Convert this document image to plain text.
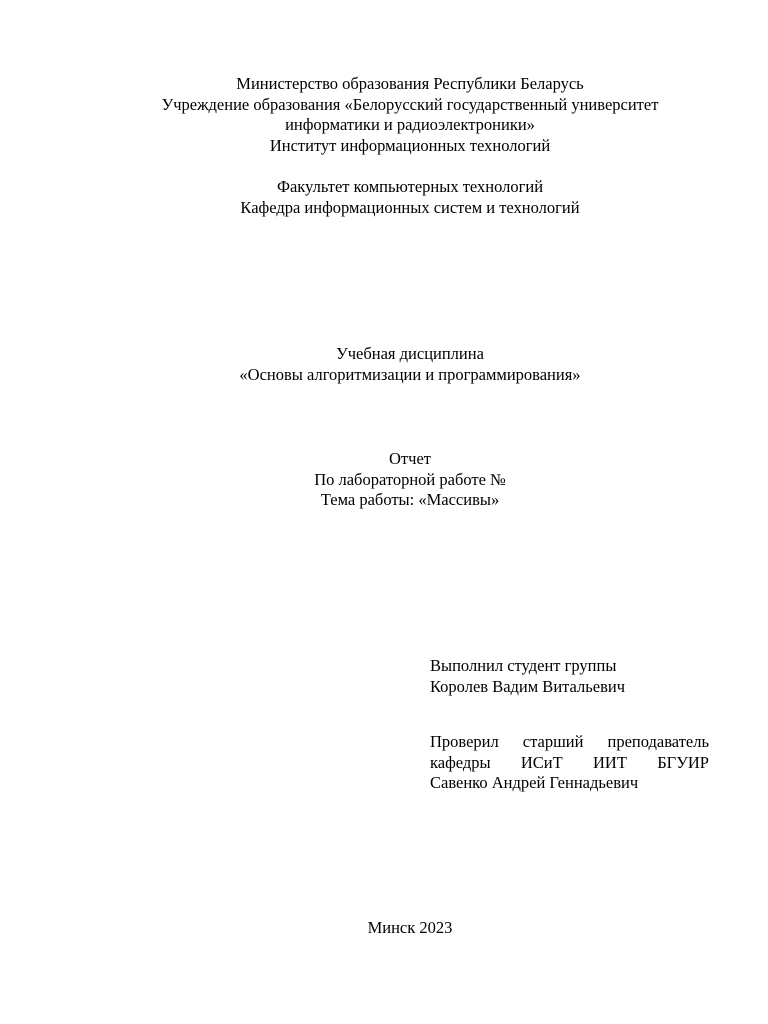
Министерство образования Республики Беларусь
Учреждение образования «Белорусский государственный университет
информатики и радиоэлектроники»
Институт информационных технологий
Факультет компьютерных технологий
Кафедра информационных систем и технологий
Учебная дисциплина
«Основы алгоритмизации и программирования»
Отчет
По лабораторной работе №
Тема работы: «Массивы»
Выполнил студент группы
Королев Вадим Витальевич
Проверил старший преподаватель
кафедры ИСиТ ИИТ БГУИР
Савенко Андрей Геннадьевич
Минск 2023
